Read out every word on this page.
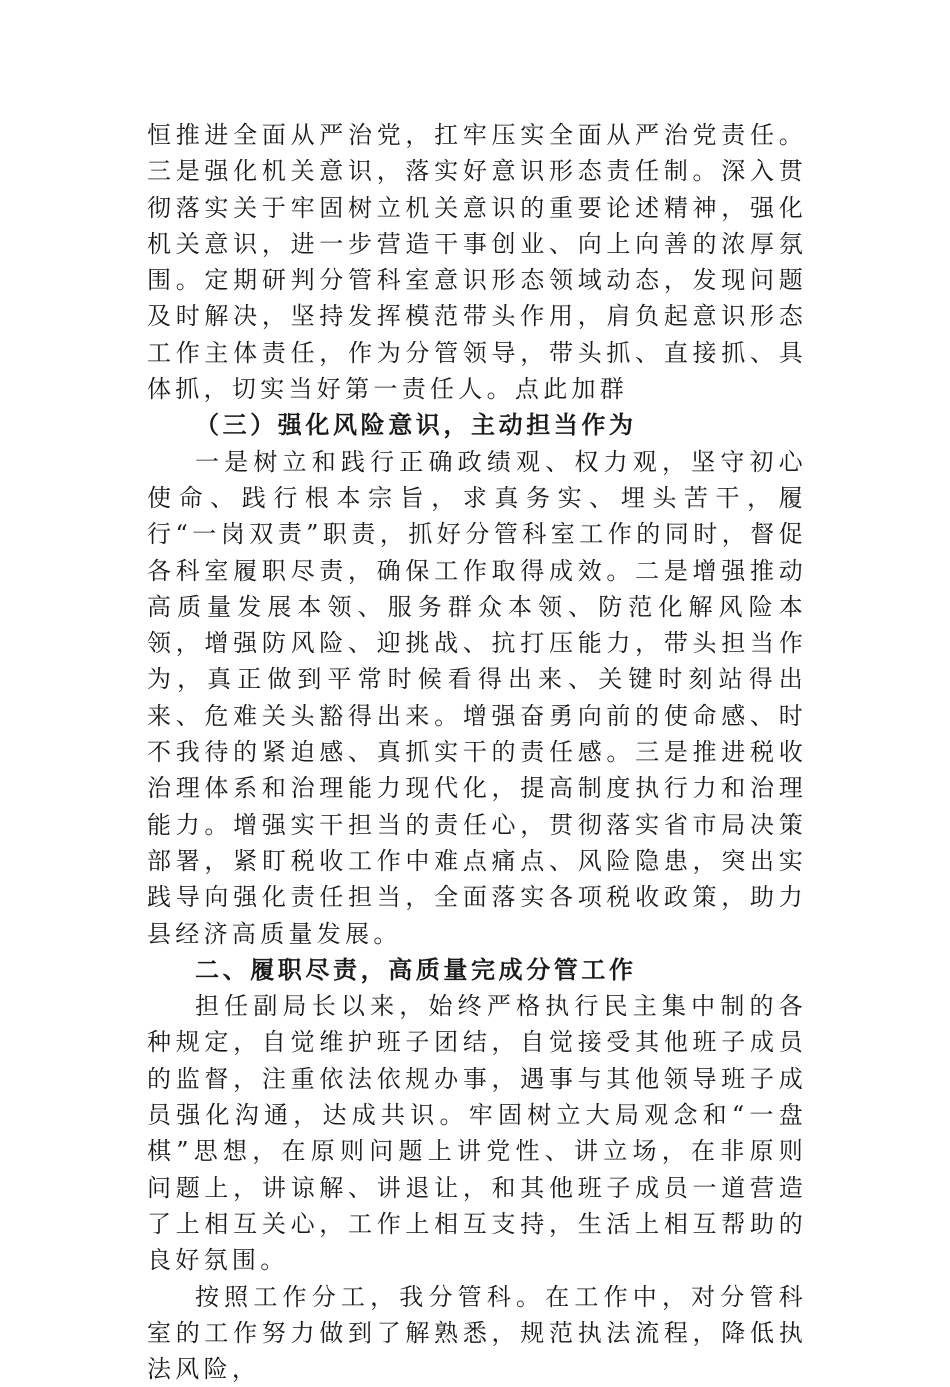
恒推进全面从严治党，扛牢压实全面从严治党责任。三是强化机关意识，落实好意识形态责任制。深入贯彻落实关于牢固树立机关意识的重要论述精神，强化机关意识，进一步营造干事创业、向上向善的浓厚氛围。定期研判分管科室意识形态领域动态，发现问题及时解决，坚持发挥模范带头作用，肩负起意识形态工作主体责任，作为分管领导，带头抓、直接抓、具体抓，切实当好第一责任人。点此加群

（三）强化风险意识，主动担当作为

一是树立和践行正确政绩观、权力观，坚守初心使命、践行根本宗旨，求真务实、埋头苦干，履行“一岗双责”职责，抓好分管科室工作的同时，督促各科室履职尽责，确保工作取得成效。二是增强推动高质量发展本领、服务群众本领、防范化解风险本领，增强防风险、迎挑战、抗打压能力，带头担当作为，真正做到平常时候看得出来、关键时刻站得出来、危难关头豁得出来。增强奋勇向前的使命感、时不我待的紧迫感、真抓实干的责任感。三是推进税收治理体系和治理能力现代化，提高制度执行力和治理能力。增强实干担当的责任心，贯彻落实省市局决策部署，紧盯税收工作中难点痛点、风险隐患，突出实践导向强化责任担当，全面落实各项税收政策，助力县经济高质量发展。

二、履职尽责，高质量完成分管工作

担任副局长以来，始终严格执行民主集中制的各种规定，自觉维护班子团结，自觉接受其他班子成员的监督，注重依法依规办事，遇事与其他领导班子成员强化沟通，达成共识。牢固树立大局观念和“一盘棋”思想，在原则问题上讲党性、讲立场，在非原则问题上，讲谅解、讲退让，和其他班子成员一道营造了上相互关心，工作上相互支持，生活上相互帮助的良好氛围。

按照工作分工，我分管科。在工作中，对分管科室的工作努力做到了解熟悉，规范执法流程，降低执法风险，
